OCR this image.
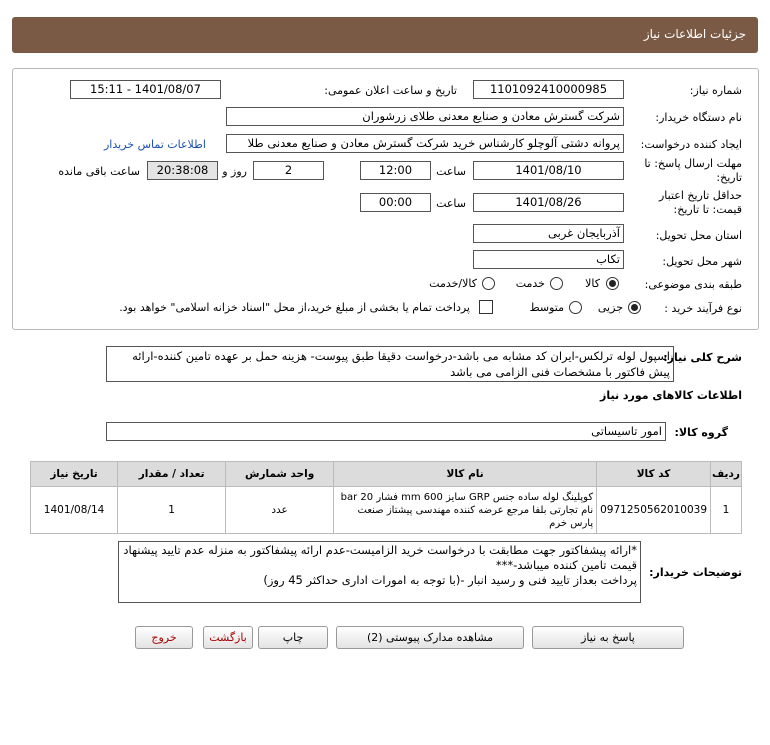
جزئیات اطلاعات نیاز
شماره نیاز:
1101092410000985
تاریخ و ساعت اعلان عمومی:
1401/08/07 - 15:11
نام دستگاه خریدار:
شرکت گسترش معادن و صنایع معدنی طلای زرشوران
ایجاد کننده درخواست:
پروانه دشتی آلوچلو کارشناس خرید شرکت گسترش معادن و صنایع معدنی طلا
اطلاعات تماس خریدار
مهلت ارسال پاسخ: تا تاریخ:
1401/08/10
ساعت
12:00
2
روز و
20:38:08
ساعت باقی مانده
حداقل تاریخ اعتبار قیمت: تا تاریخ:
1401/08/26
ساعت
00:00
استان محل تحویل:
آذربایجان غربی
شهر محل تحویل:
تکاب
طبقه بندی موضوعی:
کالا
خدمت
کالا/خدمت
نوع فرآیند خرید :
جزیی
متوسط
پرداخت تمام یا بخشی از مبلغ خرید،از محل "اسناد خزانه اسلامی" خواهد بود.
شرح کلی نیاز:
اسپول لوله ترلکس-ایران کد مشابه می باشد-درخواست دقیقا طبق پیوست- هزینه حمل بر عهده تامین کننده-ارائه پیش فاکتور با مشخصات فنی الزامی می باشد
اطلاعات کالاهای مورد نیاز
گروه کالا:
امور تاسیساتی
ردیف	کد کالا	نام کالا	واحد شمارش	تعداد / مقدار	تاریخ نیاز
1	0971250562010039	کوپلینگ لوله ساده جنس GRP سایز 600 mm فشار 20 bar نام تجارتی بلفا مرجع عرضه کننده مهندسی پیشتاز صنعت پارس خرم	عدد	1	1401/08/14
توضیحات خریدار:
*ارائه پیشفاکتور جهت مطابقت با درخواست خرید الزامیست-عدم ارائه پیشفاکتور به منزله عدم تایید پیشنهاد قیمت تامین کننده میباشد-***
پرداخت بعداز تایید فنی و رسید انبار -(با توجه به امورات اداری حداکثر 45 روز)
پاسخ به نیاز
مشاهده مدارک پیوستی (2)
چاپ
بازگشت
خروج
